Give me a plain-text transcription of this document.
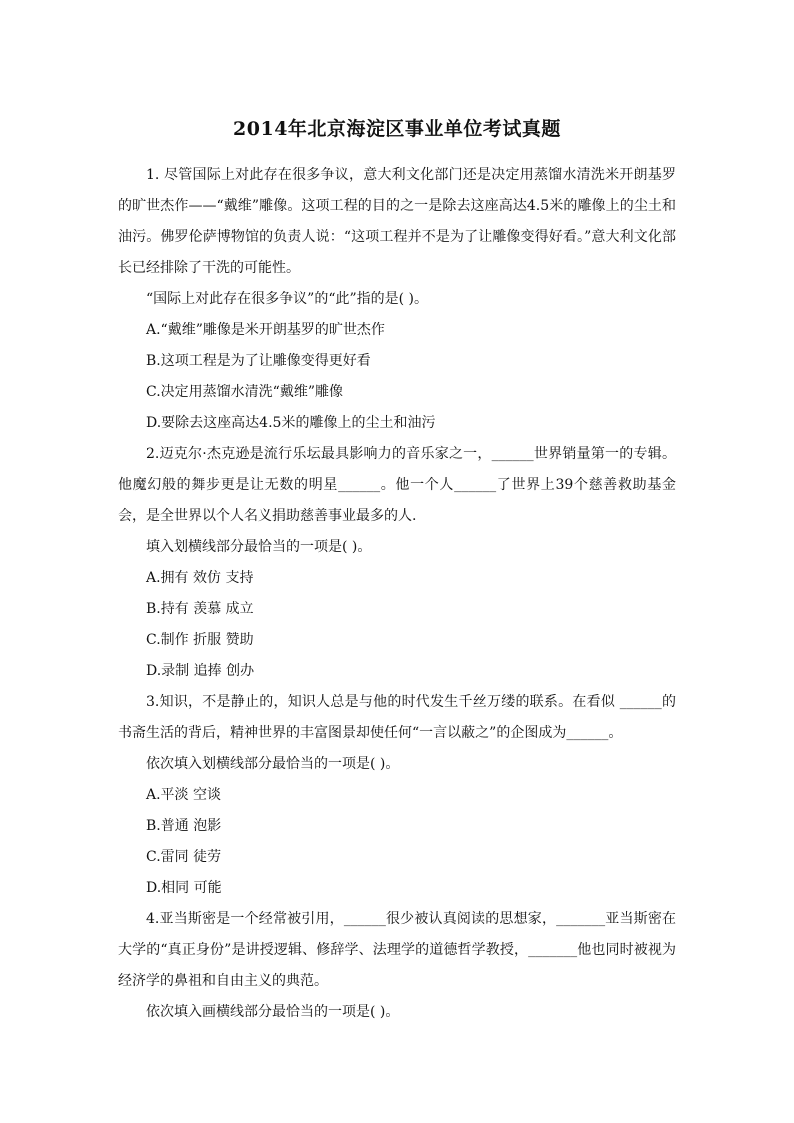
2014年北京海淀区事业单位考试真题

1. 尽管国际上对此存在很多争议，意大利文化部门还是决定用蒸馏水清洗米开朗基罗的旷世杰作——“戴维”雕像。这项工程的目的之一是除去这座高达4.5米的雕像上的尘土和油污。佛罗伦萨博物馆的负责人说：“这项工程并不是为了让雕像变得好看。”意大利文化部长已经排除了干洗的可能性。

“国际上对此存在很多争议”的“此”指的是( )。

A.“戴维”雕像是米开朗基罗的旷世杰作

B.这项工程是为了让雕像变得更好看

C.决定用蒸馏水清洗“戴维”雕像

D.要除去这座高达4.5米的雕像上的尘土和油污

2.迈克尔·杰克逊是流行乐坛最具影响力的音乐家之一，______世界销量第一的专辑。他魔幻般的舞步更是让无数的明星______。他一个人______了世界上39个慈善救助基金会，是全世界以个人名义捐助慈善事业最多的人.

填入划横线部分最恰当的一项是( )。

A.拥有 效仿 支持

B.持有 羡慕 成立

C.制作 折服 赞助

D.录制 追捧 创办

3.知识，不是静止的，知识人总是与他的时代发生千丝万缕的联系。在看似 ______的书斋生活的背后，精神世界的丰富图景却使任何“一言以蔽之”的企图成为______。

依次填入划横线部分最恰当的一项是( )。

A.平淡 空谈

B.普通 泡影

C.雷同 徒劳

D.相同 可能

4.亚当斯密是一个经常被引用，______很少被认真阅读的思想家，_______亚当斯密在大学的“真正身份”是讲授逻辑、修辞学、法理学的道德哲学教授，_______他也同时被视为经济学的鼻祖和自由主义的典范。

依次填入画横线部分最恰当的一项是( )。
